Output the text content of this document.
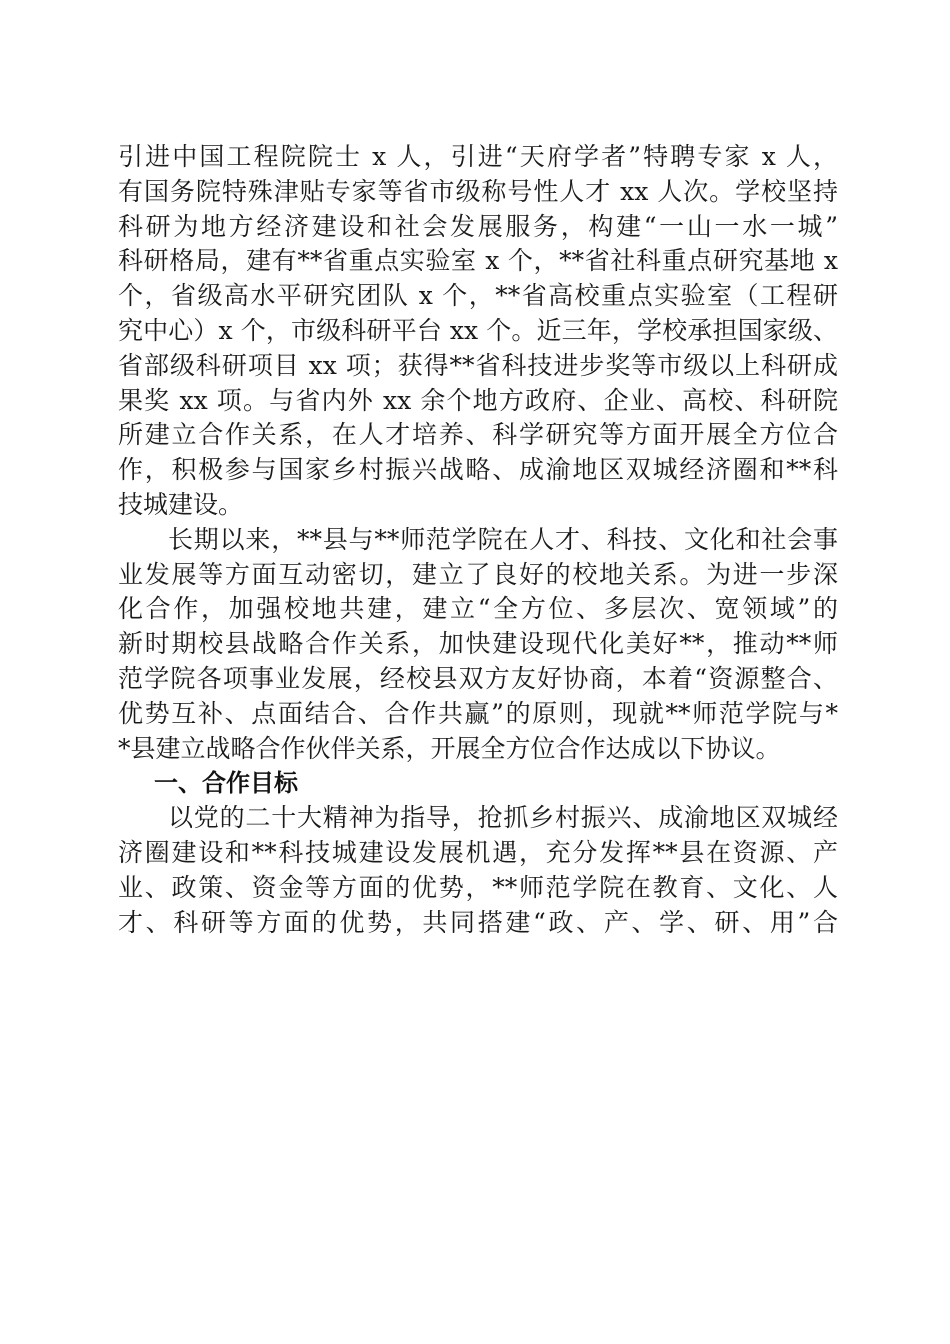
引进中国工程院院士 x 人，引进“天府学者”特聘专家 x 人，
有国务院特殊津贴专家等省市级称号性人才 xx 人次。学校坚持
科研为地方经济建设和社会发展服务，构建“一山一水一城”
科研格局，建有**省重点实验室 x 个，**省社科重点研究基地 x
个，省级高水平研究团队 x 个，**省高校重点实验室（工程研
究中心）x 个，市级科研平台 xx 个。近三年，学校承担国家级、
省部级科研项目 xx 项；获得**省科技进步奖等市级以上科研成
果奖 xx 项。与省内外 xx 余个地方政府、企业、高校、科研院
所建立合作关系，在人才培养、科学研究等方面开展全方位合
作，积极参与国家乡村振兴战略、成渝地区双城经济圈和**科
技城建设。
长期以来，**县与**师范学院在人才、科技、文化和社会事
业发展等方面互动密切，建立了良好的校地关系。为进一步深
化合作，加强校地共建，建立“全方位、多层次、宽领域”的
新时期校县战略合作关系，加快建设现代化美好**，推动**师
范学院各项事业发展，经校县双方友好协商，本着“资源整合、
优势互补、点面结合、合作共赢”的原则，现就**师范学院与*
*县建立战略合作伙伴关系，开展全方位合作达成以下协议。
一、合作目标
以党的二十大精神为指导，抢抓乡村振兴、成渝地区双城经
济圈建设和**科技城建设发展机遇，充分发挥**县在资源、产
业、政策、资金等方面的优势，**师范学院在教育、文化、人
才、科研等方面的优势，共同搭建“政、产、学、研、用”合
